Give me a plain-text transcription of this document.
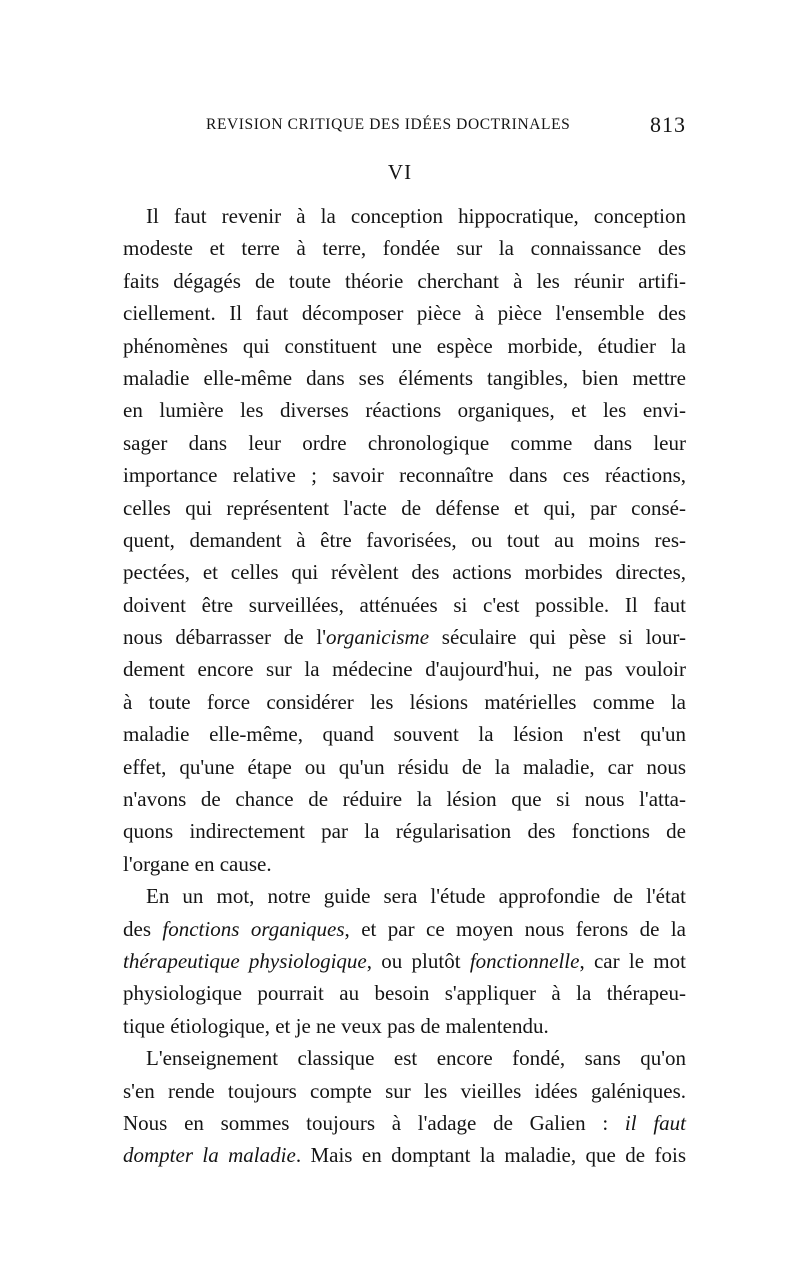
REVISION CRITIQUE DES IDÉES DOCTRINALES	813
VI
Il faut revenir à la conception hippocratique, conception
modeste et terre à terre, fondée sur la connaissance des
faits dégagés de toute théorie cherchant à les réunir artifi-
ciellement. Il faut décomposer pièce à pièce l'ensemble des
phénomènes qui constituent une espèce morbide, étudier la
maladie elle-même dans ses éléments tangibles, bien mettre
en lumière les diverses réactions organiques, et les envi-
sager dans leur ordre chronologique comme dans leur
importance relative ; savoir reconnaître dans ces réactions,
celles qui représentent l'acte de défense et qui, par consé-
quent, demandent à être favorisées, ou tout au moins res-
pectées, et celles qui révèlent des actions morbides directes,
doivent être surveillées, atténuées si c'est possible. Il faut
nous débarrasser de l'organicisme séculaire qui pèse si lour-
dement encore sur la médecine d'aujourd'hui, ne pas vouloir
à toute force considérer les lésions matérielles comme la
maladie elle-même, quand souvent la lésion n'est qu'un
effet, qu'une étape ou qu'un résidu de la maladie, car nous
n'avons de chance de réduire la lésion que si nous l'atta-
quons indirectement par la régularisation des fonctions de
l'organe en cause.
En un mot, notre guide sera l'étude approfondie de l'état
des fonctions organiques, et par ce moyen nous ferons de la
thérapeutique physiologique, ou plutôt fonctionnelle, car le mot
physiologique pourrait au besoin s'appliquer à la thérapeu-
tique étiologique, et je ne veux pas de malentendu.
L'enseignement classique est encore fondé, sans qu'on
s'en rende toujours compte sur les vieilles idées galéniques.
Nous en sommes toujours à l'adage de Galien : il faut
dompter la maladie. Mais en domptant la maladie, que de fois
